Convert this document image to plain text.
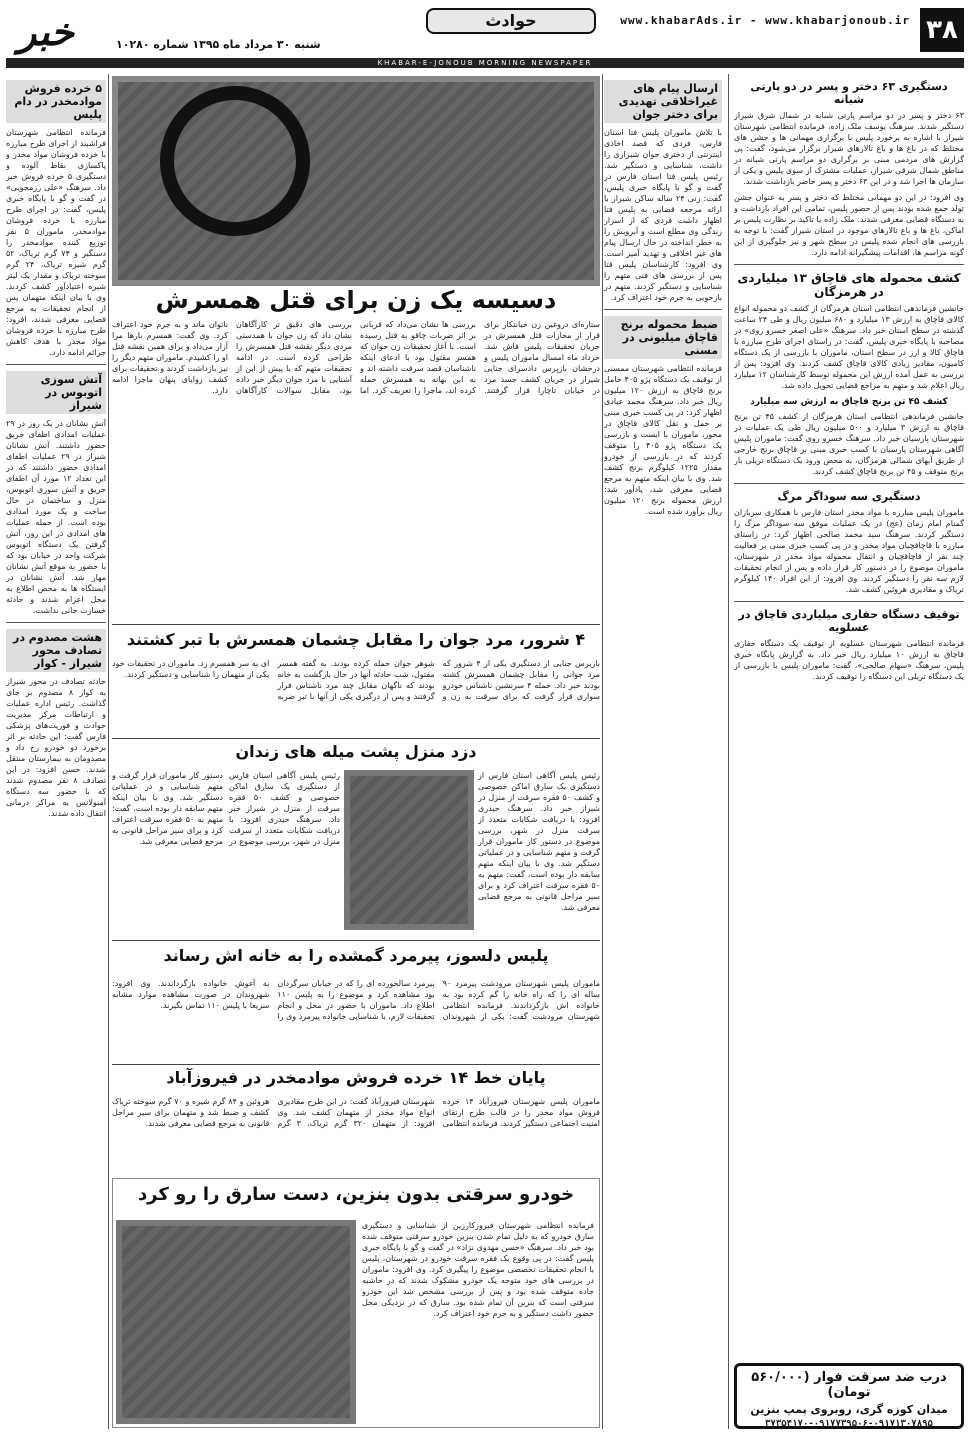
۳۸
www.khabarAds.ir - www.khabarjonoub.ir
حوادث
خبر	شنبه ۳۰ مرداد ماه ۱۳۹۵ شماره ۱۰۲۸۰
KHABAR-E-JONOUB MORNING NEWSPAPER
دستگیری ۶۳ دختر و پسر در دو پارتی شبانه

۶۳ دختر و پسر در دو مراسم پارتی شبانه در شمال شرق شیراز دستگیر شدند. سرهنگ یوسف ملک زاده، فرمانده انتظامی شهرستان شیراز با اشاره به برخورد پلیس با برگزاری مهمانی ها و جشن های مختلط که در باغ ها و باغ تالارهای شیراز برگزار می‌شود، گفت: پی گزارش های مردمی مبنی بر برگزاری دو مراسم پارتی شبانه در مناطق شمال شرقی شیراز، عملیات مشترک از سوی پلیس و یکی از سازمان ها اجرا شد و در این ۶۳ دختر و پسر حاضر بازداشت شدند.

وی افزود: در این دو مهمانی مختلط که دختر و پسر به عنوان جشن تولد جمع شده بودند پس از حضور پلیس، تمامی این افراد بازداشت و به دستگاه قضایی معرفی شدند. ملک زاده با تاکید بر نظارت پلیس بر اماکن، باغ ها و باغ تالارهای موجود در استان شیراز گفت: با توجه به بازرسی های انجام شده پلیس در سطح شهر و نیز جلوگیری از این گونه مراسم ها، اقدامات پیشگیرانه ادامه دارد.

کشف محموله های قاچاق ۱۳ میلیاردی در هرمزگان

جانشین فرماندهی انتظامی استان هرمزگان از کشف دو محموله انواع کالای قاچاق به ارزش ۱۳ میلیارد و ۶۸۰ میلیون ریال و طی ۲۴ ساعت گذشته در سطح استان خبر داد. سرهنگ «علی اصغر خسرو روی» در مصاحبه با پایگاه خبری پلیس، گفت: در راستای اجرای طرح مبارزه با قاچاق کالا و ارز در سطح استان، ماموران با بازرسی از یک دستگاه کامیون، مقادیر زیادی کالای قاچاق کشف کردند. وی افزود: پس از بررسی به عمل آمده ارزش این محموله توسط کارشناسان ۱۲ میلیارد ریال اعلام شد و متهم به مراجع قضایی تحویل داده شد.

کشف ۴۵ تن برنج قاچاق به ارزش سه میلیارد

جانشین فرماندهی انتظامی استان هرمزگان از کشف ۴۵ تن برنج قاچاق به ارزش ۳ میلیارد و ۵۰۰ میلیون ریال طی یک عملیات در شهرستان پارسیان خبر داد. سرهنگ خسرو روی گفت: ماموران پلیس آگاهی شهرستان پارسیان با کسب خبری مبنی بر قاچاق برنج خارجی از طریق آبهای شمالی هرمزگان، به محض ورود یک دستگاه تریلی بار برنج متوقف و ۴۵ تن برنج قاچاق کشف کردند.

دستگیری سه سوداگر مرگ

ماموران پلیس مبارزه با مواد مخدر استان فارس با همکاری سربازان گمنام امام زمان (عج) در یک عملیات موفق سه سوداگر مرگ را دستگیر کردند. سرهنگ سید محمد صالحی اظهار کرد: در راستای مبارزه با قاچاقچیان مواد مخدر و در پی کسب خبری مبنی بر فعالیت چند نفر از قاچاقچیان و انتقال محموله مواد مخدر در شهرستان، ماموران موضوع را در دستور کار قرار داده و پس از انجام تحقیقات لازم سه نفر را دستگیر کردند. وی افزود: از این افراد ۱۴۰ کیلوگرم تریاک و مقادیری هروئین کشف شد.

توقیف دستگاه حفاری میلیاردی قاچاق در عسلویه

فرمانده انتظامی شهرستان عسلویه از توقیف یک دستگاه حفاری قاچاق به ارزش ۱۰ میلیارد ریال خبر داد. به گزارش پایگاه خبری پلیس، سرهنگ «سهام صالحی»، گفت: ماموران پلیس با بازرسی از یک دستگاه تریلی این دستگاه را توقیف کردند.

درب ضد سرقت فوار (۵۶۰/۰۰۰ تومان)
میدان کوزه گری، روبروی پمپ بنزین
۳۷۳۵۴۱۷۰-۰۹۱۷۷۳۹۵۰۶-۰۹۱۷۱۳۰۷۸۹۵
ارسال پیام های غیراخلاقی تهدیدی برای دختر جوان

با تلاش ماموران پلیس فتا استان فارس، فردی که قصد اخاذی اینترنتی از دختری جوان شیرازی را داشت، شناسایی و دستگیر شد. رئیس پلیس فتا استان فارس در گفت و گو با پایگاه خبری پلیس، گفت: زنی ۲۴ ساله ساکن شیراز با ارائه مرجعه قضایی به پلیس فتا اظهار داشت فردی که از اسرار زندگی وی مطلع است و آبرویش را به خطر انداخته در حال ارسال پیام های غیر اخلاقی و تهدید آمیز است. وی افزود: کارشناسان پلیس فتا پس از بررسی های فنی متهم را شناسایی و دستگیر کردند. متهم در بازجویی به جرم خود اعتراف کرد.

ضبط محموله برنج قاچاق میلیونی در مسنی

فرمانده انتظامی شهرستان ممسنی از توقیف یک دستگاه پژو ۴۰۵ حامل برنج قاچاق به ارزش ۱۲۰ میلیون ریال خبر داد. سرهنگ محمد عبادی اظهار کرد: در پی کسب خبری مبنی بر حمل و نقل کالای قاچاق در محور، ماموران با ایست و بازرسی یک دستگاه پژو ۴۰۵ را متوقف کردند که در بازرسی از خودرو مقدار ۱۲۲۵ کیلوگرم برنج کشف شد. وی با بیان اینکه متهم به مرجع قضایی معرفی شد، یادآور شد: ارزش محموله برنج ۱۲۰ میلیون ریال برآورد شده است.

دسیسه یک زن برای قتل همسرش
ستاره‌ای دروغین زن خیانتکار برای قرار از مجازات قتل همسرش در جریان تحقیقات پلیس فاش شد. خرداد ماه امسال ماموران پلیس و درخشان بازپرس دادسرای جنایی شیراز در جریان کشف جسد مرد در خیابان تاچارا قرار گرفتند. بررسی ها نشان می‌داد که قربانی بر اثر ضربات چاقو به قتل رسیده است. با آغاز تحقیقات زن جوان که همسر مقتول بود با ادعای اینکه ناشناسان قصد سرقت داشته اند و به این بهانه به همسرش حمله کرده اند، ماجرا را تعریف کرد. اما بررسی های دقیق تر کارآگاهان نشان داد که زن جوان با همدستی مردی دیگر نقشه قتل همسرش را طراحی کرده است. در ادامه تحقیقات متهم که با پیش از این از آشنایی با مرد جوان دیگر خبر داده بود، مقابل سوالات کارآگاهان ناتوان ماند و به جرم خود اعتراف کرد. وی گفت: همسرم بارها مرا آزار می‌داد و برای همین نقشه قتل او را کشیدم. ماموران متهم دیگر را نیز بازداشت کردند و تحقیقات برای کشف زوایای پنهان ماجرا ادامه دارد.
۴ شرور، مرد جوان را مقابل چشمان همسرش با تبر کشتند
بازپرس جنایی از دستگیری یکی از ۴ شرور که مرد جوانی را مقابل چشمان همسرش کشته بودند خبر داد. حمله ۴ سرنشین ناشناس خودرو سواری قرار گرفت که برای سرقت به زن و شوهر جوان حمله کرده بودند. به گفته همسر مقتول، شب حادثه آنها در حال بازگشت به خانه بودند که ناگهان مقابل چند مرد ناشناس قرار گرفتند و پس از درگیری یکی از آنها با تبر ضربه ای به سر همسرم زد. ماموران در تحقیقات خود یکی از متهمان را شناسایی و دستگیر کردند.
دزد منزل پشت میله های زندان
رئیس پلیس آگاهی استان فارس از دستگیری یک سارق اماکن خصوصی و کشف ۵۰ فقره سرقت از منزل در شیراز خبر داد. سرهنگ حیدری افزود: با دریافت شکایات متعدد از سرقت منزل در شهر، بررسی موضوع در دستور کار ماموران قرار گرفت و متهم شناسایی و در عملیاتی دستگیر شد. وی با بیان اینکه متهم سابقه دار بوده است، گفت: متهم به ۵۰ فقره سرقت اعتراف کرد و برای سیر مراحل قانونی به مرجع قضایی معرفی شد.
رئیس پلیس آگاهی استان فارس از دستگیری یک سارق اماکن خصوصی و کشف ۵۰ فقره سرقت از منزل در شیراز خبر داد. سرهنگ حیدری افزود: با دریافت شکایات متعدد از سرقت منزل در شهر، بررسی موضوع در دستور کار ماموران قرار گرفت و متهم شناسایی و در عملیاتی دستگیر شد. وی با بیان اینکه متهم سابقه دار بوده است، گفت: متهم به ۵۰ فقره سرقت اعتراف کرد و برای سیر مراحل قانونی به مرجع قضایی معرفی شد.
پلیس دلسوز، پیرمرد گمشده را به خانه اش رساند
ماموران پلیس شهرستان مرودشت پیرمرد ۹۰ ساله ای را که راه خانه را گم کرده بود به خانواده اش بازگرداندند. فرمانده انتظامی شهرستان مرودشت گفت: یکی از شهروندان پیرمرد سالخورده ای را که در خیابان سرگردان بود مشاهده کرد و موضوع را به پلیس ۱۱۰ اطلاع داد. ماموران با حضور در محل و انجام تحقیقات لازم، با شناسایی خانواده پیرمرد وی را به آغوش خانواده بازگرداندند. وی افزود: شهروندان در صورت مشاهده موارد مشابه سریعا با پلیس ۱۱۰ تماس بگیرند.
پایان خط ۱۴ خرده فروش موادمخدر در فیروزآباد
ماموران پلیس شهرستان فیروزآباد ۱۴ خرده فروش مواد مخدر را در قالب طرح ارتقای امنیت اجتماعی دستگیر کردند. فرمانده انتظامی شهرستان فیروزآباد گفت: در این طرح مقادیری انواع مواد مخدر از متهمان کشف شد. وی افزود: از متهمان ۳۲۰ گرم تریاک، ۳ گرم هروئین و ۸۴ گرم شیره و ۷۰ گرم سوخته تریاک کشف و ضبط شد و متهمان برای سیر مراحل قانونی به مرجع قضایی معرفی شدند.
خودرو سرقتی بدون بنزین، دست سارق را رو کرد
فرمانده انتظامی شهرستان فیروزکارزین از شناسایی و دستگیری سارق خودرو که به دلیل تمام شدن بنزین خودرو سرقتی متوقف شده بود خبر داد. سرهنگ «حسن مهدوی نژاد» در گفت و گو با پایگاه خبری پلیس گفت: در پی وقوع یک فقره سرقت خودرو در شهرستان، پلیس با انجام تحقیقات تخصصی موضوع را پیگیری کرد. وی افزود: ماموران در بررسی های خود متوجه یک خودرو مشکوک شدند که در حاشیه جاده متوقف شده بود و پس از بررسی مشخص شد این خودرو سرقتی است که بنزین آن تمام شده بود. سارق که در نزدیکی محل حضور داشت دستگیر و به جرم خود اعتراف کرد.
۵ خرده فروش موادمخدر در دام پلیس

فرمانده انتظامی شهرستان فراشبند از اجرای طرح مبارزه با خرده فروشان مواد مخدر و پاکسازی نقاط آلوده و دستگیری ۵ خرده فروش خبر داد. سرهنگ «علی رزمجویی» در گفت و گو با پایگاه خبری پلیس، گفت: در اجرای طرح مبارزه با خرده فروشان موادمخدر، ماموران ۵ نفر توزیع کننده موادمخدر را دستگیر و ۷۴ گرم تریاک، ۵۲ گرم شیره تریاک، ۲۴ گرم سوخته تریاک و مقدار یک لیتر شیره اعتیادآور کشف کردند. وی با بیان اینکه متهمان پس از انجام تحقیقات به مرجع قضایی معرفی شدند، افزود: طرح مبارزه با خرده فروشان مواد مخدر با هدف کاهش جرائم ادامه دارد.

آتش سوزی اتوبوس در شیراز

آتش نشانان در یک روز در ۲۹ عملیات امدادی اطفای حریق حضور داشتند. آتش نشانان شیراز در ۲۹ عملیات اطفای امدادی حضور داشتند که در این تعداد ۱۲ مورد آن اطفای حریق و آتش سوزی اتوبوس، منزل و ساختمان در حال ساخت و یک مورد امدادی بوده است. از جمله عملیات های امدادی در این روز، آتش گرفتن یک دستگاه اتوبوس شرکت واحد در خیابان بود که با حضور به موقع آتش نشانان مهار شد. آتش نشانان در ایستگاه ها به محض اطلاع به محل اعزام شدند و حادثه خسارت جانی نداشت.

هشت مصدوم در تصادف محور شیراز - کوار

حادثه تصادف در محور شیراز به کوار ۸ مصدوم بر جای گذاشت. رئیس اداره عملیات و ارتباطات مرکز مدیریت حوادث و فوریت‌های پزشکی فارس گفت: این حادثه بر اثر برخورد دو خودرو رخ داد و مصدومان به بیمارستان منتقل شدند. حسن افزود: در این تصادف ۸ نفر مصدوم شدند که با حضور سه دستگاه آمبولانس به مراکز درمانی انتقال داده شدند.
